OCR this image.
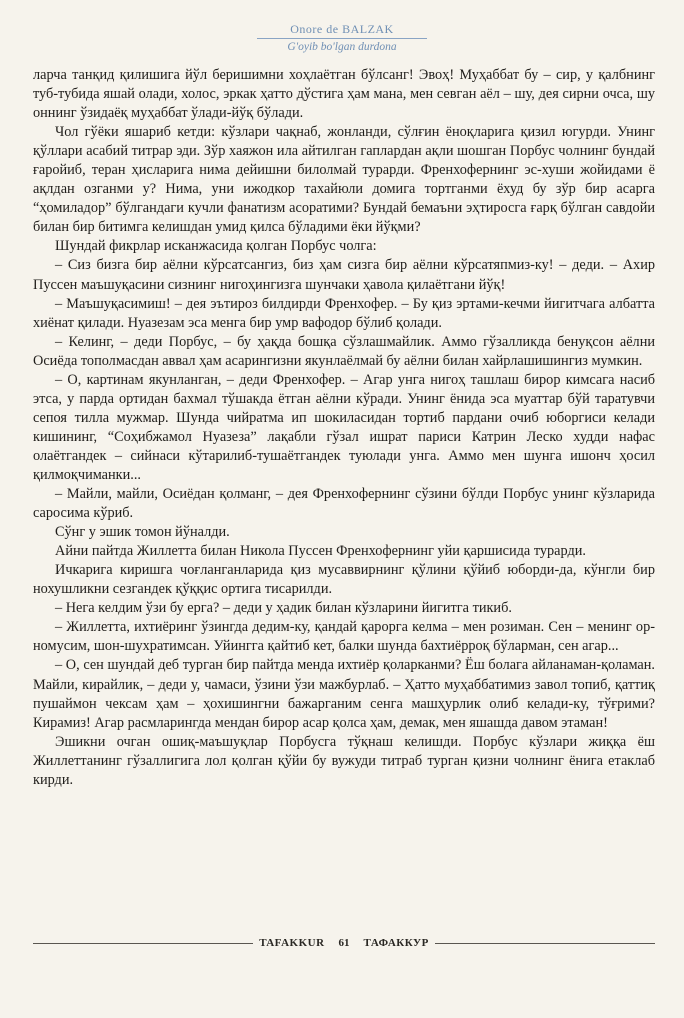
Onore de BALZAK
G'oyib bo'lgan durdona

ларча танқид қилишига йўл беришимни хоҳлаётган бўлсанг! Эвоҳ! Муҳаббат бу – сир, у қалбнинг туб-тубида яшай олади, холос, эркак ҳатто дўстига ҳам мана, мен севган аёл – шу, дея сирни очса, шу оннинг ўзидаёқ муҳаббат ўлади-йўқ бўлади.

Чол гўёки яшариб кетди: кўзлари чақнаб, жонланди, сўлғин ёноқларига қизил югурди. Унинг қўллари асабий титрар эди. Зўр хаяжон ила айтилган гаплардан ақли шошган Порбус чолнинг бундай ғаройиб, теран ҳисларига нима дейишни билолмай турарди. Френхофернинг эс-хуши жойидами ё ақлдан озганми у? Нима, уни ижодкор тахайюли домига тортганми ёхуд бу зўр бир асарга “ҳомиладор” бўлгандаги кучли фанатизм асоратими? Бундай бемаъни эҳтиросга ғарқ бўлган савдойи билан бир битимга келишдан умид қилса бўладими ёки йўқми?

Шундай фикрлар исканжасида қолган Порбус чолга:

– Сиз бизга бир аёлни кўрсатсангиз, биз ҳам сизга бир аёлни кўрсатяпмиз-ку! – деди. – Ахир Пуссен маъшуқасини сизнинг нигоҳингизга шунчаки ҳавола қилаётгани йўқ!

– Маъшуқасимиш! – дея эътироз билдирди Френхофер. – Бу қиз эртами-кечми йигитчага албатта хиёнат қилади. Нуазезам эса менга бир умр вафодор бўлиб қолади.

– Келинг, – деди Порбус, – бу ҳақда бошқа сўзлашмайлик. Аммо гўзалликда бенуқсон аёлни Осиёда тополмасдан аввал ҳам асарингизни якунлаёлмай бу аёлни билан хайрлашишингиз мумкин.

– О, картинам якунланган, – деди Френхофер. – Агар унга нигоҳ ташлаш бирор кимсага насиб этса, у парда ортидан бахмал тўшакда ётган аёлни кўради. Унинг ёнида эса муаттар бўй таратувчи сепоя тилла мужмар. Шунда чийратма ип шокиласидан тортиб пардани очиб юборгиси келади кишининг, “Соҳибжамол Нуазеза” лақабли гўзал ишрат париси Катрин Леско худди нафас олаётгандек – сийнаси кўтарилиб-тушаётгандек туюлади унга. Аммо мен шунга ишонч ҳосил қилмоқчиманки...

– Майли, майли, Осиёдан қолманг, – дея Френхофернинг сўзини бўлди Порбус унинг кўзларида саросима кўриб.

Сўнг у эшик томон йўналди.

Айни пайтда Жиллетта билан Никола Пуссен Френхофернинг уйи қаршисида турарди.

Ичкарига киришга чоғланганларида қиз мусаввирнинг қўлини қўйиб юборди-да, кўнгли бир нохушликни сезгандек қўққис ортига тисарилди.

– Нега келдим ўзи бу ерга? – деди у ҳадик билан кўзларини йигитга тикиб.

– Жиллетта, ихтиёринг ўзингда дедим-ку, қандай қарорга келма – мен розиман. Сен – менинг ор-номусим, шон-шухратимсан. Уйингга қайтиб кет, балки шунда бахтиёрроқ бўларман, сен агар...

– О, сен шундай деб турган бир пайтда менда ихтиёр қоларканми? Ёш болага айланаман-қоламан. Майли, кирайлик, – деди у, чамаси, ўзини ўзи мажбурлаб. – Ҳатто муҳаббатимиз завол топиб, қаттиқ пушаймон чексам ҳам – ҳохишингни бажарганим сенга машҳурлик олиб келади-ку, тўғрими? Кирамиз! Агар расмларингда мендан бирор асар қолса ҳам, демак, мен яшашда давом этаман!

Эшикни очган ошиқ-маъшуқлар Порбусга тўқнаш келишди. Порбус кўзлари жиққа ёш Жиллеттанинг гўзаллигига лол қолган қўйи бу вужуди титраб турган қизни чолнинг ёнига етаклаб кирди.

TAFAKKUR	61	ТАФАККУР
